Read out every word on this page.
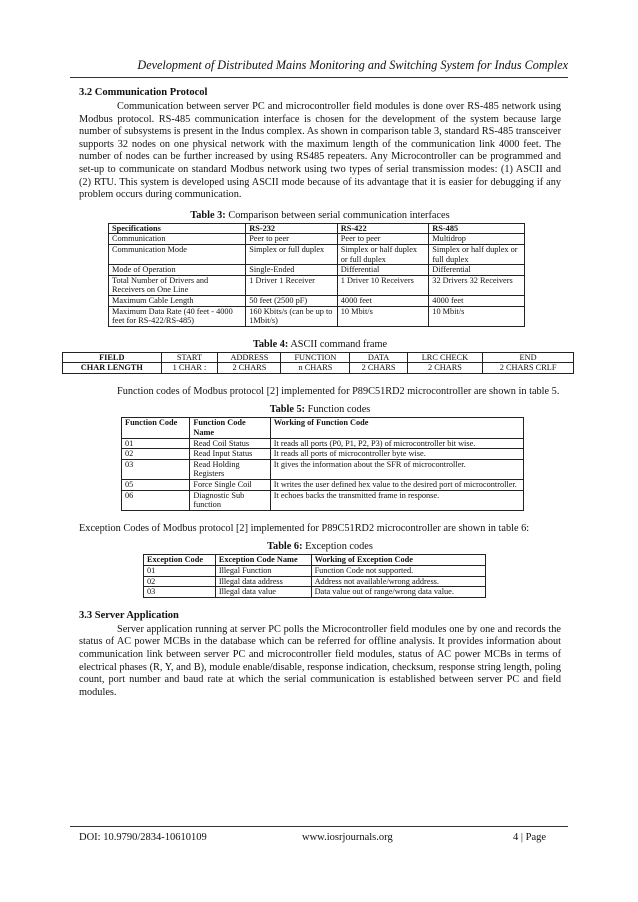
Development of Distributed Mains Monitoring and Switching System for Indus Complex
3.2 Communication Protocol

Communication between server PC and microcontroller field modules is done over RS-485 network using Modbus protocol. RS-485 communication interface is chosen for the development of the system because large number of subsystems is present in the Indus complex. As shown in comparison table 3, standard RS-485 transceiver supports 32 nodes on one physical network with the maximum length of the communication link 4000 feet. The number of nodes can be further increased by using RS485 repeaters. Any Microcontroller can be programmed and set-up to communicate on standard Modbus network using two types of serial transmission modes: (1) ASCII and (2) RTU. This system is developed using ASCII mode because of its advantage that it is easier for debugging if any problem occurs during communication.

Table 3: Comparison between serial communication interfaces
Specifications	RS-232	RS-422	RS-485
Communication	Peer to peer	Peer to peer	Multidrop
Communication Mode	Simplex or full duplex	Simplex or half duplex or full duplex	Simplex or half duplex or full duplex
Mode of Operation	Single-Ended	Differential	Differential
Total Number of Drivers and Receivers on One Line	1 Driver 1 Receiver	1 Driver 10 Receivers	32 Drivers 32 Receivers
Maximum Cable Length	50 feet (2500 pF)	4000 feet	4000 feet
Maximum Data Rate (40 feet - 4000 feet for RS-422/RS-485)	160 Kbits/s (can be up to 1Mbit/s)	10 Mbit/s	10 Mbit/s
Table 4: ASCII command frame
FIELD	START	ADDRESS	FUNCTION	DATA	LRC CHECK	END
CHAR LENGTH	1 CHAR :	2 CHARS	n CHARS	2 CHARS	2 CHARS	2 CHARS CRLF

Function codes of Modbus protocol [2] implemented for P89C51RD2 microcontroller are shown in table 5.

Table 5: Function codes
Function Code	Function Code Name	Working of Function Code
01	Read Coil Status	It reads all ports (P0, P1, P2, P3) of microcontroller bit wise.
02	Read Input Status	It reads all ports of microcontroller byte wise.
03	Read Holding Registers	It gives the information about the SFR of microcontroller.
05	Force Single Coil	It writes the user defined hex value to the desired port of microcontroller.
06	Diagnostic Sub function	It echoes backs the transmitted frame in response.

Exception Codes of Modbus protocol [2] implemented for P89C51RD2 microcontroller are shown in table 6:

Table 6: Exception codes
Exception Code	Exception Code Name	Working of Exception Code
01	Illegal Function	Function Code not supported.
02	Illegal data address	Address not available/wrong address.
03	Illegal data value	Data value out of range/wrong data value.
3.3 Server Application

Server application running at server PC polls the Microcontroller field modules one by one and records the status of AC power MCBs in the database which can be referred for offline analysis. It provides information about communication link between server PC and microcontroller field modules, status of AC power MCBs in terms of electrical phases (R, Y, and B), module enable/disable, response indication, checksum, response string length, poling count, port number and baud rate at which the serial communication is established between server PC and field modules.

DOI: 10.9790/2834-10610109	www.iosrjournals.org	4 | Page
